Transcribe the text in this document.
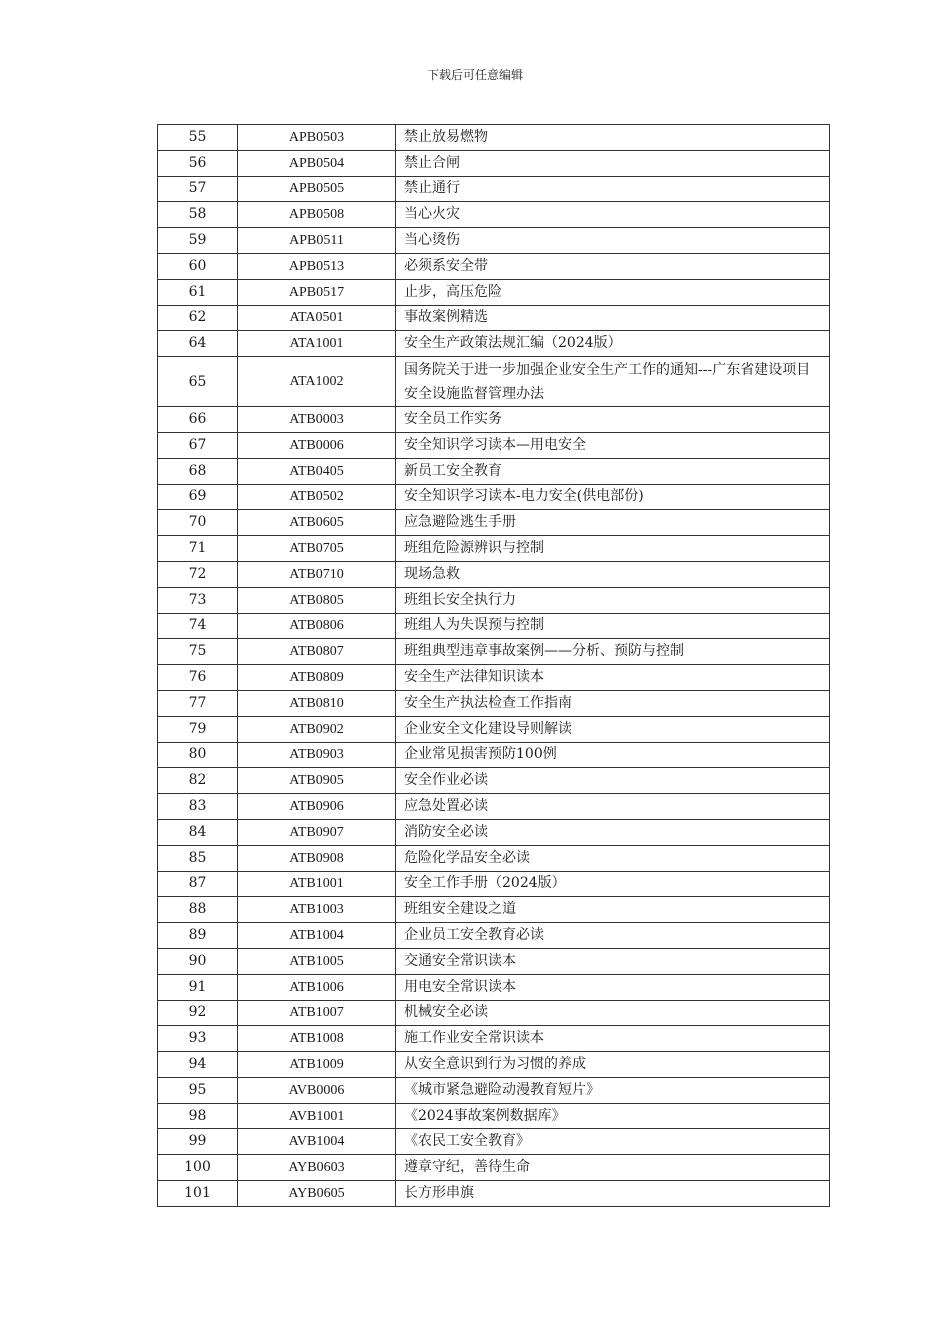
下载后可任意编辑
55	APB0503	禁止放易燃物
56	APB0504	禁止合闸
57	APB0505	禁止通行
58	APB0508	当心火灾
59	APB0511	当心烫伤
60	APB0513	必须系安全带
61	APB0517	止步，高压危险
62	ATA0501	事故案例精选
64	ATA1001	安全生产政策法规汇编（2024版）
65	ATA1002	国务院关于进一步加强企业安全生产工作的通知---广东省建设项目安全设施监督管理办法
66	ATB0003	安全员工作实务
67	ATB0006	安全知识学习读本—用电安全
68	ATB0405	新员工安全教育
69	ATB0502	安全知识学习读本-电力安全(供电部份)
70	ATB0605	应急避险逃生手册
71	ATB0705	班组危险源辨识与控制
72	ATB0710	现场急救
73	ATB0805	班组长安全执行力
74	ATB0806	班组人为失误预与控制
75	ATB0807	班组典型违章事故案例——分析、预防与控制
76	ATB0809	安全生产法律知识读本
77	ATB0810	安全生产执法检查工作指南
79	ATB0902	企业安全文化建设导则解读
80	ATB0903	企业常见损害预防100例
82	ATB0905	安全作业必读
83	ATB0906	应急处置必读
84	ATB0907	消防安全必读
85	ATB0908	危险化学品安全必读
87	ATB1001	安全工作手册（2024版）
88	ATB1003	班组安全建设之道
89	ATB1004	企业员工安全教育必读
90	ATB1005	交通安全常识读本
91	ATB1006	用电安全常识读本
92	ATB1007	机械安全必读
93	ATB1008	施工作业安全常识读本
94	ATB1009	从安全意识到行为习惯的养成
95	AVB0006	《城市紧急避险动漫教育短片》
98	AVB1001	《2024事故案例数据库》
99	AVB1004	《农民工安全教育》
100	AYB0603	遵章守纪，善待生命
101	AYB0605	长方形串旗
